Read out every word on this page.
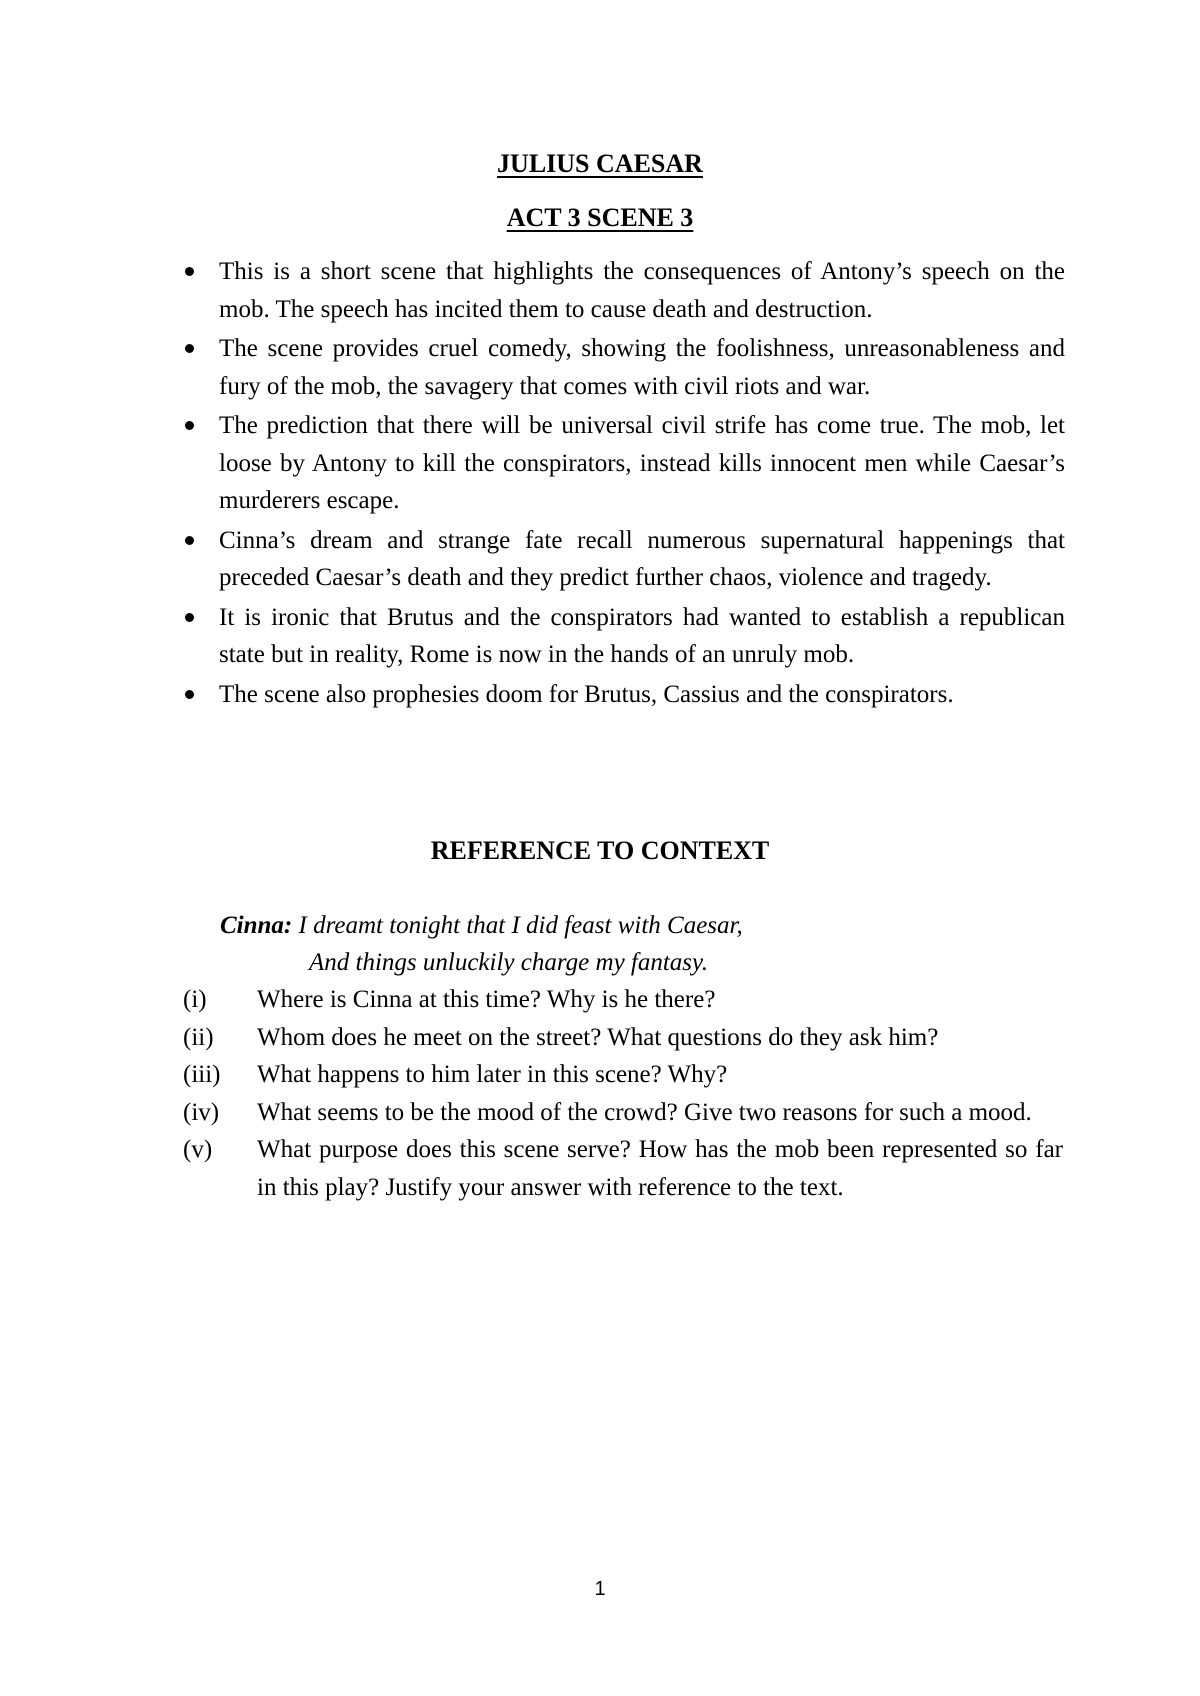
JULIUS CAESAR
ACT 3 SCENE 3
This is a short scene that highlights the consequences of Antony’s speech on the mob. The speech has incited them to cause death and destruction.
The scene provides cruel comedy, showing the foolishness, unreasonableness and fury of the mob, the savagery that comes with civil riots and war.
The prediction that there will be universal civil strife has come true. The mob, let loose by Antony to kill the conspirators, instead kills innocent men while Caesar’s murderers escape.
Cinna’s dream and strange fate recall numerous supernatural happenings that preceded Caesar’s death and they predict further chaos, violence and tragedy.
It is ironic that Brutus and the conspirators had wanted to establish a republican state but in reality, Rome is now in the hands of an unruly mob.
The scene also prophesies doom for Brutus, Cassius and the conspirators.
REFERENCE TO CONTEXT
Cinna: I dreamt tonight that I did feast with Caesar,
And things unluckily charge my fantasy.
(i) Where is Cinna at this time? Why is he there?
(ii) Whom does he meet on the street? What questions do they ask him?
(iii) What happens to him later in this scene? Why?
(iv) What seems to be the mood of the crowd? Give two reasons for such a mood.
(v) What purpose does this scene serve? How has the mob been represented so far in this play? Justify your answer with reference to the text.
1
